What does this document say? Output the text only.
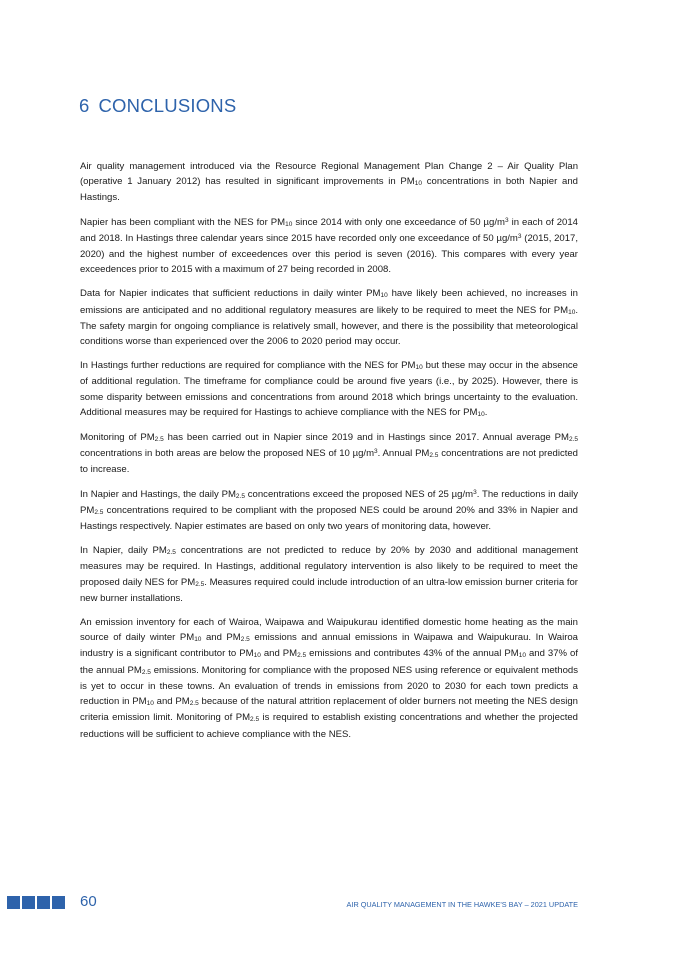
6 CONCLUSIONS

Air quality management introduced via the Resource Regional Management Plan Change 2 – Air Quality Plan (operative 1 January 2012) has resulted in significant improvements in $PM_{10}$ concentrations in both Napier and Hastings.

Napier has been compliant with the NES for $PM_{10}$ since 2014 with only one exceedance of 50 $\mu g/m^3$ in each of 2014 and 2018. In Hastings three calendar years since 2015 have recorded only one exceedance of 50 $\mu g/m^3$ (2015, 2017, 2020) and the highest number of exceedences over this period is seven (2016). This compares with every year exceedences prior to 2015 with a maximum of 27 being recorded in 2008.

Data for Napier indicates that sufficient reductions in daily winter $PM_{10}$ have likely been achieved, no increases in emissions are anticipated and no additional regulatory measures are likely to be required to meet the NES for $PM_{10}$. The safety margin for ongoing compliance is relatively small, however, and there is the possibility that meteorological conditions worse than experienced over the 2006 to 2020 period may occur.

In Hastings further reductions are required for compliance with the NES for $PM_{10}$ but these may occur in the absence of additional regulation. The timeframe for compliance could be around five years (i.e., by 2025). However, there is some disparity between emissions and concentrations from around 2018 which brings uncertainty to the evaluation. Additional measures may be required for Hastings to achieve compliance with the NES for $PM_{10}$.

Monitoring of $PM_{2.5}$ has been carried out in Napier since 2019 and in Hastings since 2017. Annual average $PM_{2.5}$ concentrations in both areas are below the proposed NES of 10 $\mu g/m^3$. Annual $PM_{2.5}$ concentrations are not predicted to increase.

In Napier and Hastings, the daily $PM_{2.5}$ concentrations exceed the proposed NES of 25 $\mu g/m^3$. The reductions in daily $PM_{2.5}$ concentrations required to be compliant with the proposed NES could be around 20% and 33% in Napier and Hastings respectively. Napier estimates are based on only two years of monitoring data, however.

In Napier, daily $PM_{2.5}$ concentrations are not predicted to reduce by 20% by 2030 and additional management measures may be required. In Hastings, additional regulatory intervention is also likely to be required to meet the proposed daily NES for $PM_{2.5}$. Measures required could include introduction of an ultra-low emission burner criteria for new burner installations.

An emission inventory for each of Wairoa, Waipawa and Waipukurau identified domestic home heating as the main source of daily winter $PM_{10}$ and $PM_{2.5}$ emissions and annual emissions in Waipawa and Waipukurau. In Wairoa industry is a significant contributor to $PM_{10}$ and $PM_{2.5}$ emissions and contributes 43% of the annual $PM_{10}$ and 37% of the annual $PM_{2.5}$ emissions. Monitoring for compliance with the proposed NES using reference or equivalent methods is yet to occur in these towns. An evaluation of trends in emissions from 2020 to 2030 for each town predicts a reduction in $PM_{10}$ and $PM_{2.5}$ because of the natural attrition replacement of older burners not meeting the NES design criteria emission limit. Monitoring of $PM_{2.5}$ is required to establish existing concentrations and whether the projected reductions will be sufficient to achieve compliance with the NES.

60	AIR QUALITY MANAGEMENT IN THE HAWKE'S BAY – 2021 UPDATE
